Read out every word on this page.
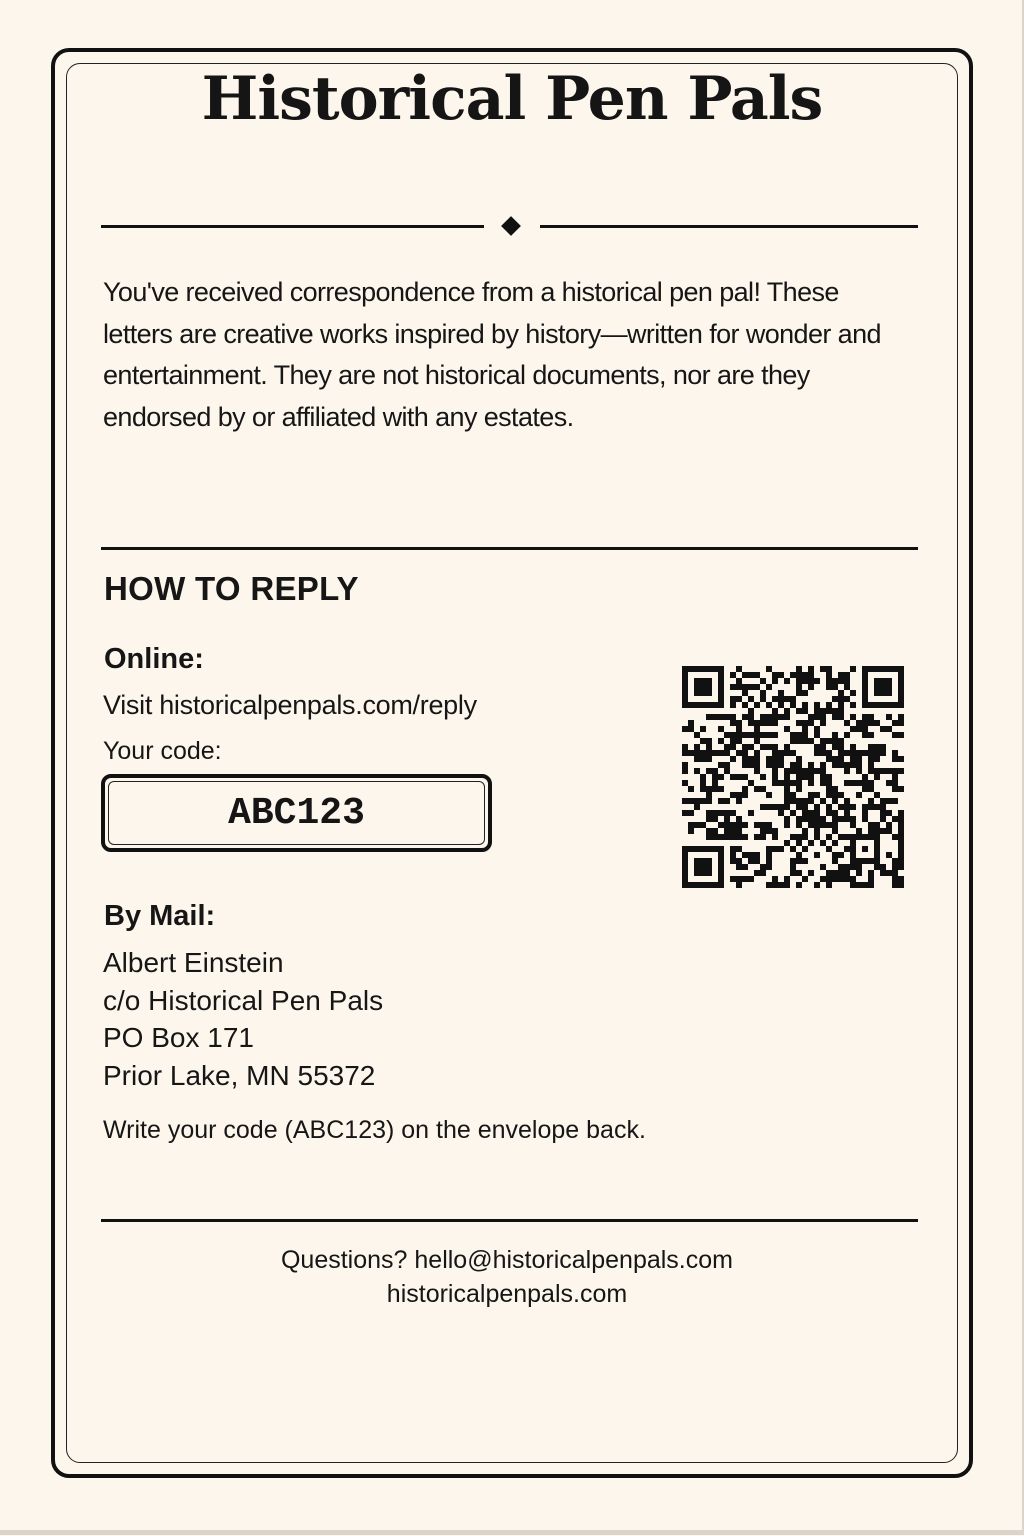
Historical Pen Pals

You've received correspondence from a historical pen pal! These letters are creative works inspired by history—written for wonder and entertainment. They are not historical documents, nor are they endorsed by or affiliated with any estates.

HOW TO REPLY
Online:
Visit historicalpenpals.com/reply
Your code:
ABC123
By Mail:
Albert Einstein
c/o Historical Pen Pals
PO Box 171
Prior Lake, MN 55372
Write your code (ABC123) on the envelope back.
Questions? hello@historicalpenpals.com
historicalpenpals.com
